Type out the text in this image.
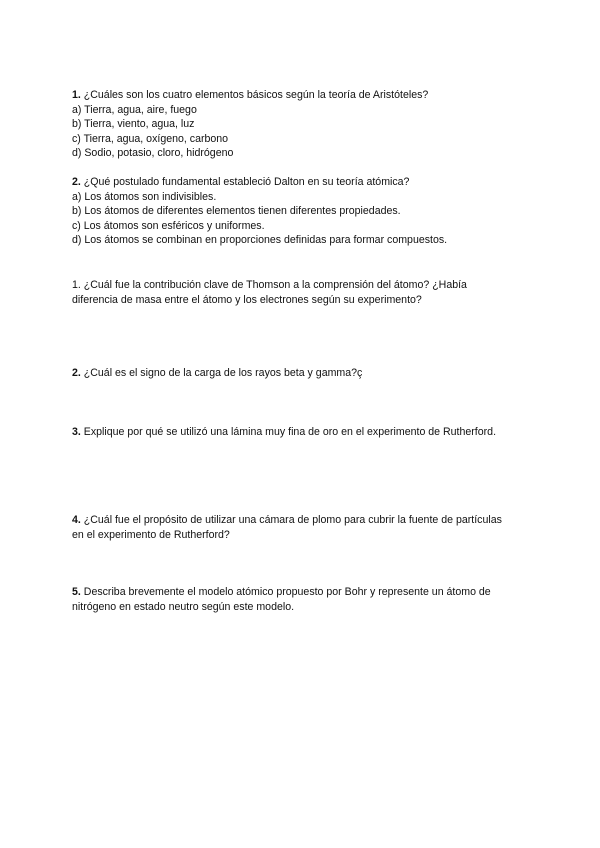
1. ¿Cuáles son los cuatro elementos básicos según la teoría de Aristóteles?
a) Tierra, agua, aire, fuego
b) Tierra, viento, agua, luz
c) Tierra, agua, oxígeno, carbono
d) Sodio, potasio, cloro, hidrógeno
2. ¿Qué postulado fundamental estableció Dalton en su teoría atómica?
a) Los átomos son indivisibles.
b) Los átomos de diferentes elementos tienen diferentes propiedades.
c) Los átomos son esféricos y uniformes.
d) Los átomos se combinan en proporciones definidas para formar compuestos.
1. ¿Cuál fue la contribución clave de Thomson a la comprensión del átomo? ¿Había
diferencia de masa entre el átomo y los electrones según su experimento?
2. ¿Cuál es el signo de la carga de los rayos beta y gamma?ç
3. Explique por qué se utilizó una lámina muy fina de oro en el experimento de Rutherford.
4. ¿Cuál fue el propósito de utilizar una cámara de plomo para cubrir la fuente de partículas
en el experimento de Rutherford?
5. Describa brevemente el modelo atómico propuesto por Bohr y represente un átomo de
nitrógeno en estado neutro según este modelo.
